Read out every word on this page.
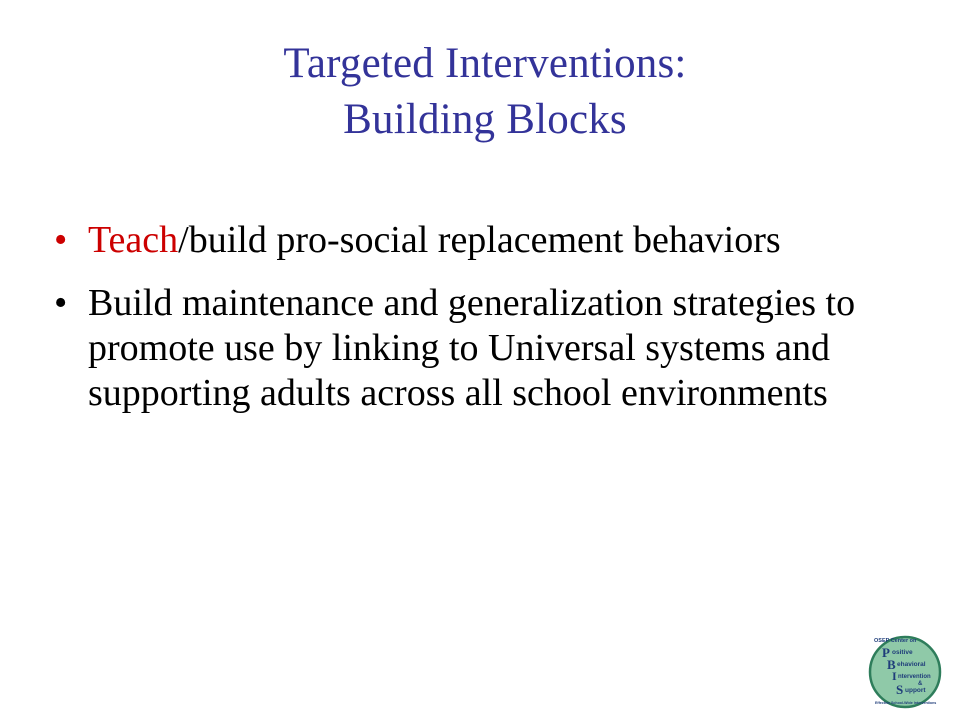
Targeted Interventions:
Building Blocks
• Teach/build pro-social replacement behaviors
• Build maintenance and generalization strategies to promote use by linking to Universal systems and supporting adults across all school environments
OSEP Center on
P ositive
B ehavioral
I ntervention
&
S upport
Effective School-Wide Interventions
